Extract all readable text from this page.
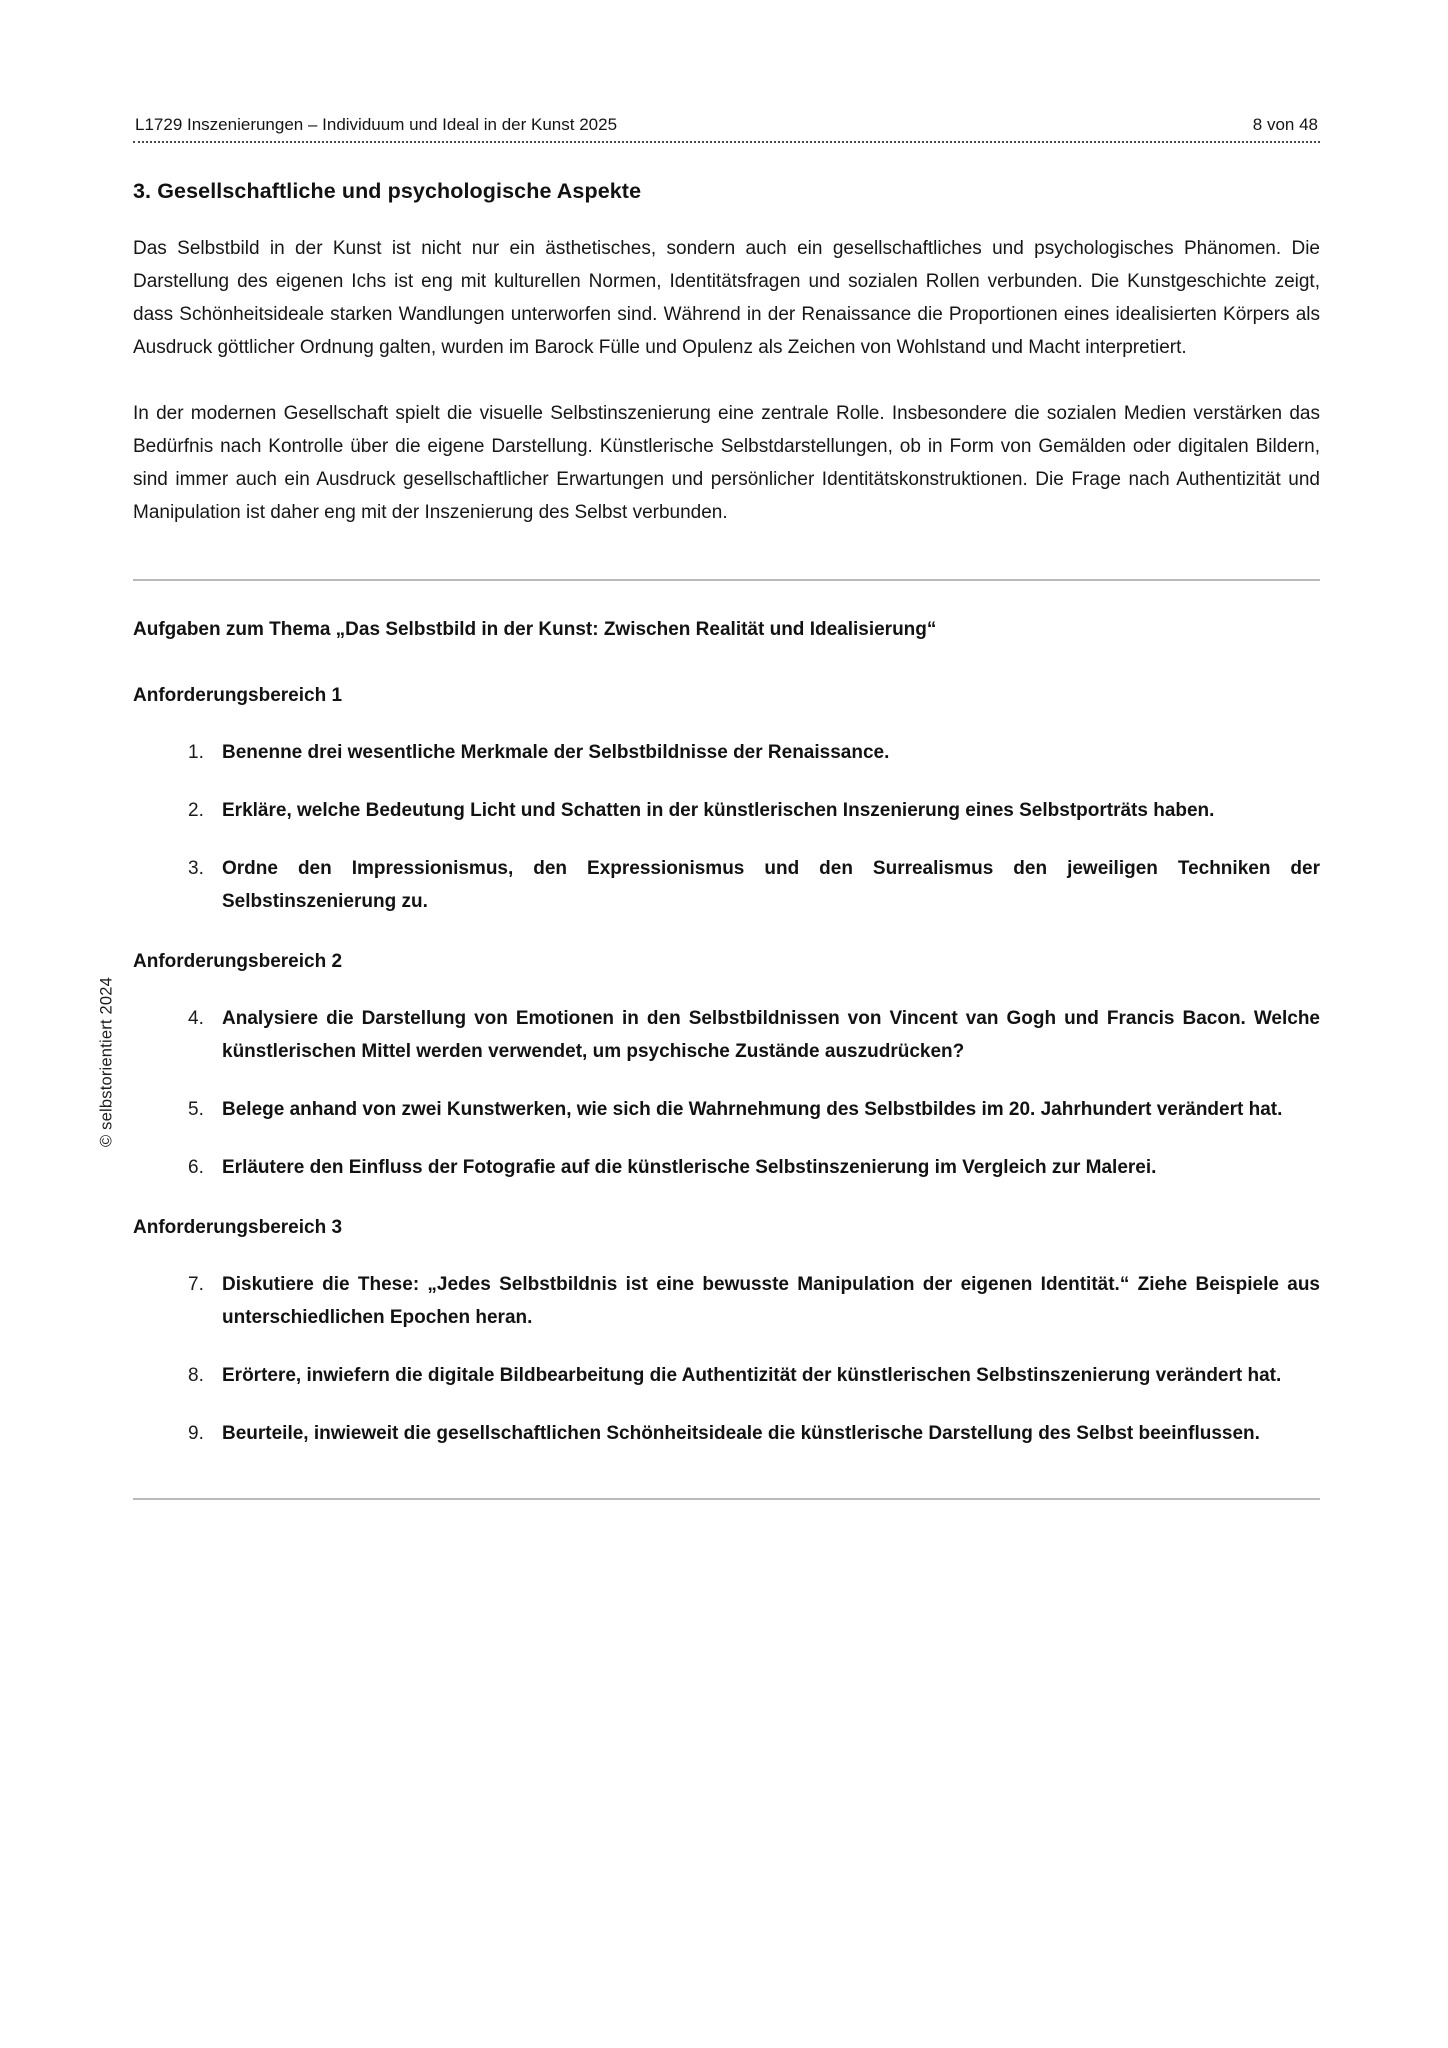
© selbstorientiert 2024
L1729 Inszenierungen – Individuum und Ideal in der Kunst 2025	8 von 48
3. Gesellschaftliche und psychologische Aspekte

Das Selbstbild in der Kunst ist nicht nur ein ästhetisches, sondern auch ein gesellschaftliches und psychologisches Phänomen. Die Darstellung des eigenen Ichs ist eng mit kulturellen Normen, Identitätsfragen und sozialen Rollen verbunden. Die Kunstgeschichte zeigt, dass Schönheitsideale starken Wandlungen unterworfen sind. Während in der Renaissance die Proportionen eines idealisierten Körpers als Ausdruck göttlicher Ordnung galten, wurden im Barock Fülle und Opulenz als Zeichen von Wohlstand und Macht interpretiert.

In der modernen Gesellschaft spielt die visuelle Selbstinszenierung eine zentrale Rolle. Insbesondere die sozialen Medien verstärken das Bedürfnis nach Kontrolle über die eigene Darstellung. Künstlerische Selbstdarstellungen, ob in Form von Gemälden oder digitalen Bildern, sind immer auch ein Ausdruck gesellschaftlicher Erwartungen und persönlicher Identitätskonstruktionen. Die Frage nach Authentizität und Manipulation ist daher eng mit der Inszenierung des Selbst verbunden.

Aufgaben zum Thema „Das Selbstbild in der Kunst: Zwischen Realität und Idealisierung“
Anforderungsbereich 1
1. Benenne drei wesentliche Merkmale der Selbstbildnisse der Renaissance.
2. Erkläre, welche Bedeutung Licht und Schatten in der künstlerischen Inszenierung eines Selbstporträts haben.
3. Ordne den Impressionismus, den Expressionismus und den Surrealismus den jeweiligen Techniken der Selbstinszenierung zu.
Anforderungsbereich 2
4. Analysiere die Darstellung von Emotionen in den Selbstbildnissen von Vincent van Gogh und Francis Bacon. Welche künstlerischen Mittel werden verwendet, um psychische Zustände auszudrücken?
5. Belege anhand von zwei Kunstwerken, wie sich die Wahrnehmung des Selbstbildes im 20. Jahrhundert verändert hat.
6. Erläutere den Einfluss der Fotografie auf die künstlerische Selbstinszenierung im Vergleich zur Malerei.
Anforderungsbereich 3
7. Diskutiere die These: „Jedes Selbstbildnis ist eine bewusste Manipulation der eigenen Identität.“ Ziehe Beispiele aus unterschiedlichen Epochen heran.
8. Erörtere, inwiefern die digitale Bildbearbeitung die Authentizität der künstlerischen Selbstinszenierung verändert hat.
9. Beurteile, inwieweit die gesellschaftlichen Schönheitsideale die künstlerische Darstellung des Selbst beeinflussen.
